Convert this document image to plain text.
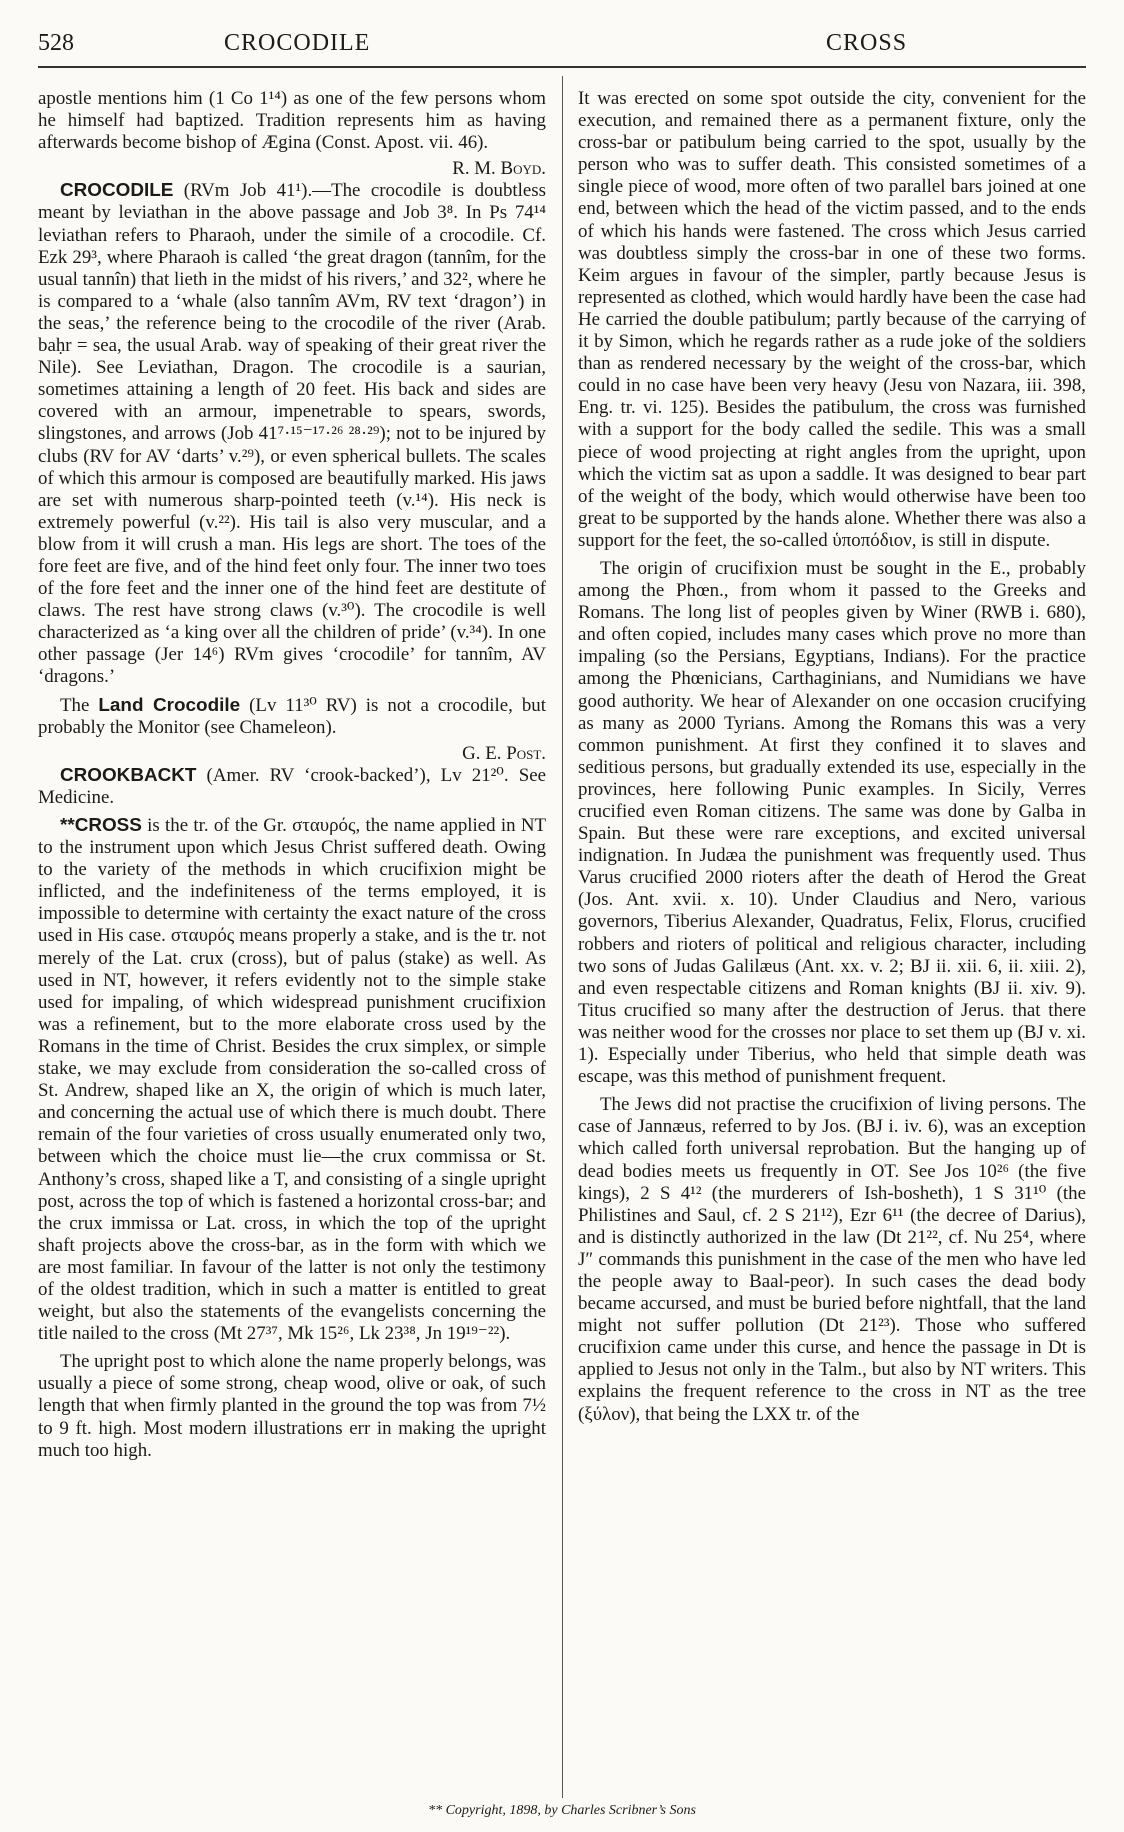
528	CROCODILE	CROSS

apostle mentions him (1 Co 1¹⁴) as one of the few persons whom he himself had baptized. Tradition represents him as having afterwards become bishop of Ægina (Const. Apost. vii. 46).

R. M. Boyd.

CROCODILE (RVm Job 41¹).—The crocodile is doubtless meant by leviathan in the above passage and Job 3⁸. In Ps 74¹⁴ leviathan refers to Pharaoh, under the simile of a crocodile. Cf. Ezk 29³, where Pharaoh is called ‘the great dragon (tannîm, for the usual tannîn) that lieth in the midst of his rivers,’ and 32², where he is compared to a ‘whale (also tannîm AVm, RV text ‘dragon’) in the seas,’ the reference being to the crocodile of the river (Arab. baḥr = sea, the usual Arab. way of speaking of their great river the Nile). See Leviathan, Dragon. The crocodile is a saurian, sometimes attaining a length of 20 feet. His back and sides are covered with an armour, impenetrable to spears, swords, slingstones, and arrows (Job 41⁷·¹⁵⁻¹⁷·²⁶ ²⁸·²⁹); not to be injured by clubs (RV for AV ‘darts’ v.²⁹), or even spherical bullets. The scales of which this armour is composed are beautifully marked. His jaws are set with numerous sharp-pointed teeth (v.¹⁴). His neck is extremely powerful (v.²²). His tail is also very muscular, and a blow from it will crush a man. His legs are short. The toes of the fore feet are five, and of the hind feet only four. The inner two toes of the fore feet and the inner one of the hind feet are destitute of claws. The rest have strong claws (v.³⁰). The crocodile is well characterized as ‘a king over all the children of pride’ (v.³⁴). In one other passage (Jer 14⁶) RVm gives ‘crocodile’ for tannîm, AV ‘dragons.’

The Land Crocodile (Lv 11³⁰ RV) is not a crocodile, but probably the Monitor (see Chameleon).

G. E. Post.

CROOKBACKT (Amer. RV ‘crook-backed’), Lv 21²⁰. See Medicine.

**CROSS is the tr. of the Gr. σταυρός, the name applied in NT to the instrument upon which Jesus Christ suffered death. Owing to the variety of the methods in which crucifixion might be inflicted, and the indefiniteness of the terms employed, it is impossible to determine with certainty the exact nature of the cross used in His case. σταυρός means properly a stake, and is the tr. not merely of the Lat. crux (cross), but of palus (stake) as well. As used in NT, however, it refers evidently not to the simple stake used for impaling, of which widespread punishment crucifixion was a refinement, but to the more elaborate cross used by the Romans in the time of Christ. Besides the crux simplex, or simple stake, we may exclude from consideration the so-called cross of St. Andrew, shaped like an X, the origin of which is much later, and concerning the actual use of which there is much doubt. There remain of the four varieties of cross usually enumerated only two, between which the choice must lie—the crux commissa or St. Anthony’s cross, shaped like a T, and consisting of a single upright post, across the top of which is fastened a horizontal cross-bar; and the crux immissa or Lat. cross, in which the top of the upright shaft projects above the cross-bar, as in the form with which we are most familiar. In favour of the latter is not only the testimony of the oldest tradition, which in such a matter is entitled to great weight, but also the statements of the evangelists concerning the title nailed to the cross (Mt 27³⁷, Mk 15²⁶, Lk 23³⁸, Jn 19¹⁹⁻²²).

The upright post to which alone the name properly belongs, was usually a piece of some strong, cheap wood, olive or oak, of such length that when firmly planted in the ground the top was from 7½ to 9 ft. high. Most modern illustrations err in making the upright much too high.

It was erected on some spot outside the city, convenient for the execution, and remained there as a permanent fixture, only the cross-bar or patibulum being carried to the spot, usually by the person who was to suffer death. This consisted sometimes of a single piece of wood, more often of two parallel bars joined at one end, between which the head of the victim passed, and to the ends of which his hands were fastened. The cross which Jesus carried was doubtless simply the cross-bar in one of these two forms. Keim argues in favour of the simpler, partly because Jesus is represented as clothed, which would hardly have been the case had He carried the double patibulum; partly because of the carrying of it by Simon, which he regards rather as a rude joke of the soldiers than as rendered necessary by the weight of the cross-bar, which could in no case have been very heavy (Jesu von Nazara, iii. 398, Eng. tr. vi. 125). Besides the patibulum, the cross was furnished with a support for the body called the sedile. This was a small piece of wood projecting at right angles from the upright, upon which the victim sat as upon a saddle. It was designed to bear part of the weight of the body, which would otherwise have been too great to be supported by the hands alone. Whether there was also a support for the feet, the so-called ὑποπόδιον, is still in dispute.

The origin of crucifixion must be sought in the E., probably among the Phœn., from whom it passed to the Greeks and Romans. The long list of peoples given by Winer (RWB i. 680), and often copied, includes many cases which prove no more than impaling (so the Persians, Egyptians, Indians). For the practice among the Phœnicians, Carthaginians, and Numidians we have good authority. We hear of Alexander on one occasion crucifying as many as 2000 Tyrians. Among the Romans this was a very common punishment. At first they confined it to slaves and seditious persons, but gradually extended its use, especially in the provinces, here following Punic examples. In Sicily, Verres crucified even Roman citizens. The same was done by Galba in Spain. But these were rare exceptions, and excited universal indignation. In Judæa the punishment was frequently used. Thus Varus crucified 2000 rioters after the death of Herod the Great (Jos. Ant. xvii. x. 10). Under Claudius and Nero, various governors, Tiberius Alexander, Quadratus, Felix, Florus, crucified robbers and rioters of political and religious character, including two sons of Judas Galilæus (Ant. xx. v. 2; BJ ii. xii. 6, ii. xiii. 2), and even respectable citizens and Roman knights (BJ ii. xiv. 9). Titus crucified so many after the destruction of Jerus. that there was neither wood for the crosses nor place to set them up (BJ v. xi. 1). Especially under Tiberius, who held that simple death was escape, was this method of punishment frequent.

The Jews did not practise the crucifixion of living persons. The case of Jannæus, referred to by Jos. (BJ i. iv. 6), was an exception which called forth universal reprobation. But the hanging up of dead bodies meets us frequently in OT. See Jos 10²⁶ (the five kings), 2 S 4¹² (the murderers of Ish-bosheth), 1 S 31¹⁰ (the Philistines and Saul, cf. 2 S 21¹²), Ezr 6¹¹ (the decree of Darius), and is distinctly authorized in the law (Dt 21²², cf. Nu 25⁴, where J″ commands this punishment in the case of the men who have led the people away to Baal-peor). In such cases the dead body became accursed, and must be buried before nightfall, that the land might not suffer pollution (Dt 21²³). Those who suffered crucifixion came under this curse, and hence the passage in Dt is applied to Jesus not only in the Talm., but also by NT writers. This explains the frequent reference to the cross in NT as the tree (ξύλον), that being the LXX tr. of the

** Copyright, 1898, by Charles Scribner’s Sons
